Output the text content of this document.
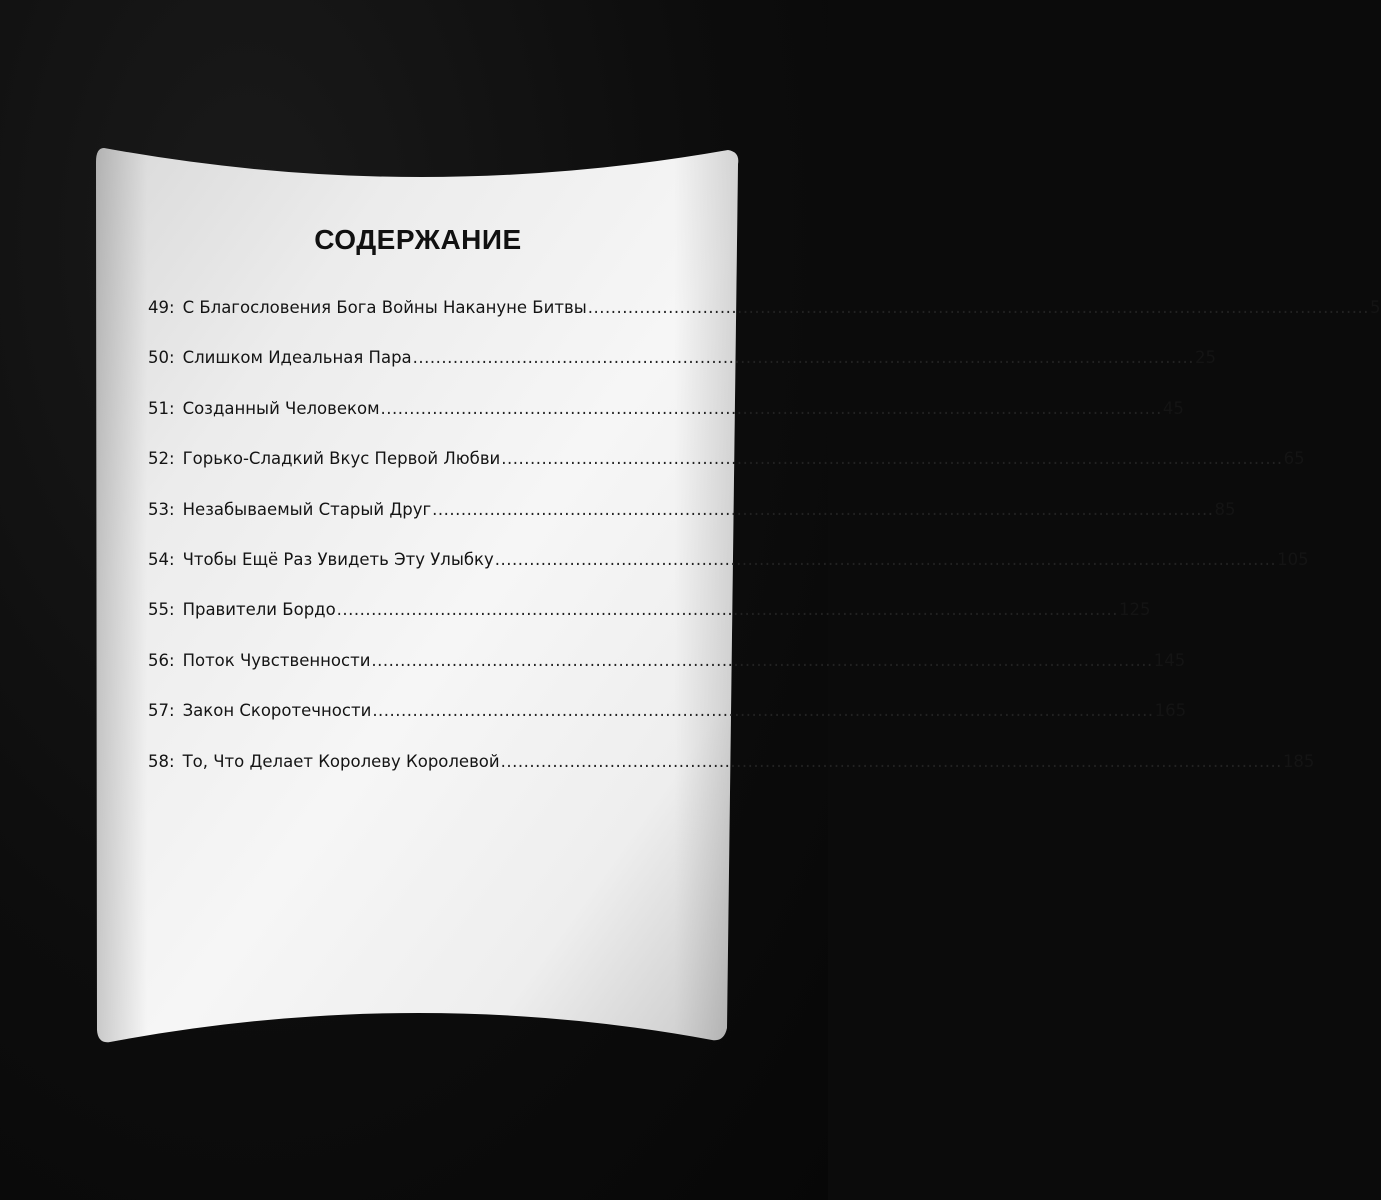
СОДЕРЖАНИЕ
49: С Благословения Бога Войны Накануне Битвы .....	5
50: Слишком Идеальная Пара .....	25
51: Созданный Человеком .....	45
52: Горько-Сладкий Вкус Первой Любви .....	65
53: Незабываемый Старый Друг .....	85
54: Чтобы Ещё Раз Увидеть Эту Улыбку .....	105
55: Правители Бордо .....	125
56: Поток Чувственности .....	145
57: Закон Скоротечности .....	165
58: То, Что Делает Королеву Королевой .....	185
